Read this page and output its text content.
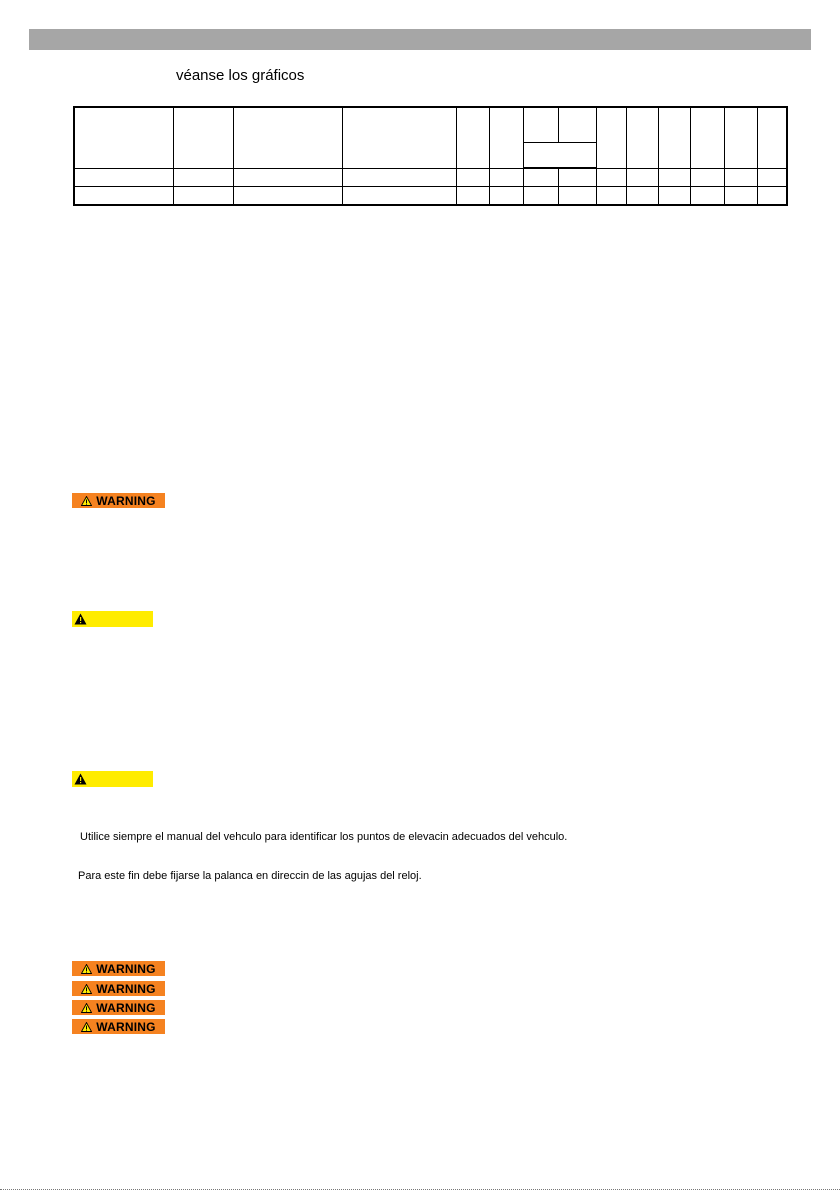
véanse los gráficos

WARNING
Utilice siempre el manual del vehculo para identificar los puntos de elevacin adecuados del vehculo.
Para este fin debe fijarse la palanca en direccin de las agujas del reloj.
WARNING
WARNING
WARNING
WARNING
